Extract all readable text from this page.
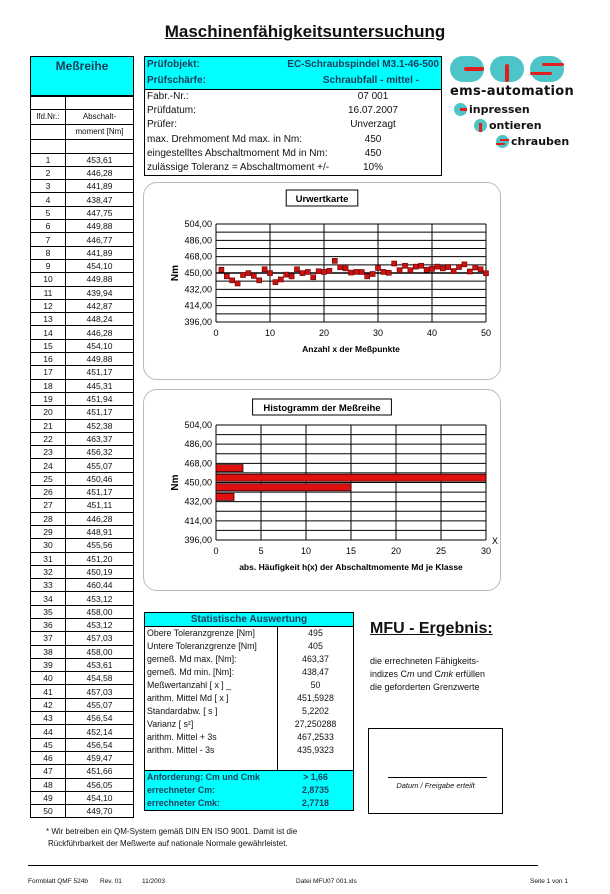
Maschinenfähigkeitsuntersuchung
Meßreihe

lfd.Nr.:	Abschalt-
	moment [Nm]

1	453,61
2	446,28
3	441,89
4	438,47
5	447,75
6	449,88
7	446,77
8	441,89
9	454,10
10	449,88
11	439,94
12	442,87
13	448,24
14	446,28
15	454,10
16	449,88
17	451,17
18	445,31
19	451,94
20	451,17
21	452,38
22	463,37
23	456,32
24	455,07
25	450,46
26	451,17
27	451,11
28	446,28
29	448,91
30	455,56
31	451,20
32	450,19
33	460,44
34	453,12
35	458,00
36	453,12
37	457,03
38	458,00
39	453,61
40	454,58
41	457,03
42	455,07
43	456,54
44	452,14
45	456,54
46	459,47
47	451,66
48	456,05
49	454,10
50	449,70
Prüfobjekt:	EC-Schraubspindel M3.1-46-500
Prüfschärfe:	Schraubfall - mittel -
Fabr.-Nr.:	07 001
Prüfdatum:	16.07.2007
Prüfer:	Unverzagt
max. Drehmoment Md max. in Nm:	450
eingestelltes Abschaltmoment Md in Nm:	450
zulässige Toleranz = Abschaltmoment +/-	10%
ems-automation
inpressen
ontieren
chrauben
Urwertkarte
0	10	20	30	40	50
504,00
486,00
468,00
450,00
432,00
414,00
396,00
Nm
Anzahl x der Meßpunkte
Histogramm der Meßreihe
0	5	10	15	20	25	30
504,00
486,00
468,00
450,00
432,00
414,00
396,00
Nm
abs. Häufigkeit h(x) der Abschaltmomente Md je Klasse
X
Statistische Auswertung
Obere Toleranzgrenze [Nm]	495
Untere Toleranzgrenze [Nm]	405
gemeß. Md max. [Nm]:	463,37
gemeß. Md min. [Nm]:	438,47
Meßwertanzahl [ x ] _	50
arithm. Mittel Md [ x ]	451,5928
Standardabw. [ s ]	5,2202
Varianz [ s²]	27,250288
arithm. Mittel + 3s	467,2533
arithm. Mittel - 3s	435,9323
Anforderung: Cm und Cmk	> 1,66
errechneter Cm:	2,8735
errechneter Cmk:	2,7718
MFU - Ergebnis:
die errechneten Fähigkeits-
indizes Cm und Cmk erfüllen
die geforderten Grenzwerte
Datum / Freigabe erteilt
* Wir betreiben ein QM-System gemäß DIN EN ISO 9001. Damit ist die
Rückführbarkeit der Meßwerte auf nationale Normale gewährleistet.
Formblatt QMF 524b Rev. 01	11/2003	Datei MFU07 001.xls	Seite 1 von 1
